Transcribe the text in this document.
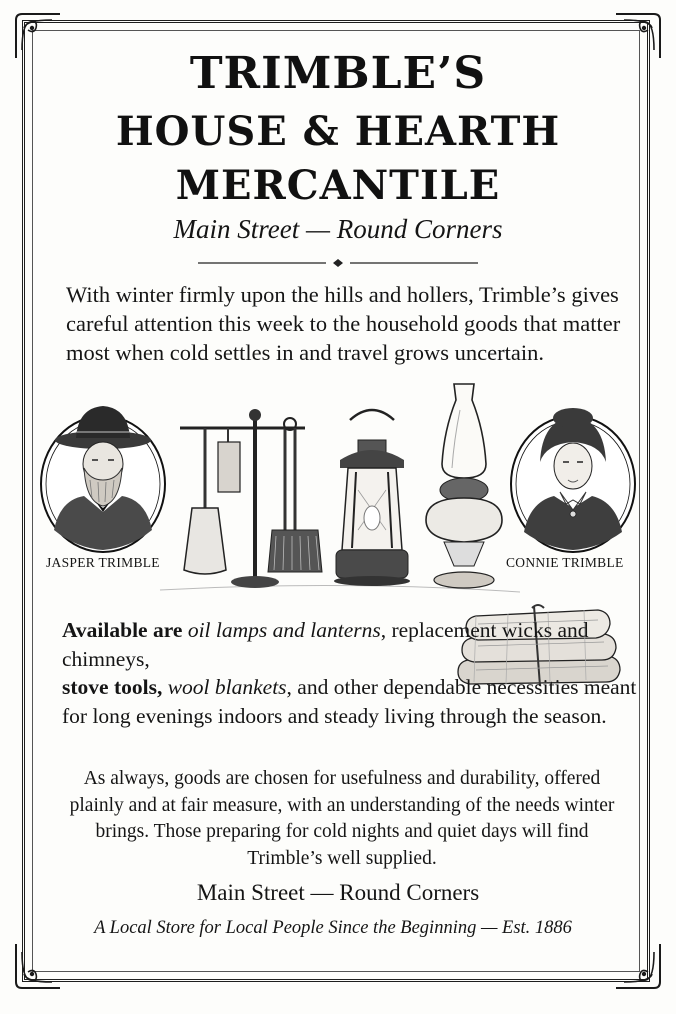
TRIMBLE’S
HOUSE & HEARTH
MERCANTILE
Main Street — Round Corners
With winter firmly upon the hills and hollers, Trimble’s gives careful attention this week to the household goods that matter most when cold settles in and travel grows uncertain.
JASPER TRIMBLE	CONNIE TRIMBLE
Available are oil lamps and lanterns, replacement wicks and chimneys,
stove tools, wool blankets, and other dependable necessities meant for long evenings indoors and steady living through the season.
As always, goods are chosen for usefulness and durability, offered plainly and at fair measure, with an understanding of the needs winter brings. Those preparing for cold nights and quiet days will find Trimble’s well supplied.
Main Street — Round Corners
A Local Store for Local People Since the Beginning — Est. 1886
